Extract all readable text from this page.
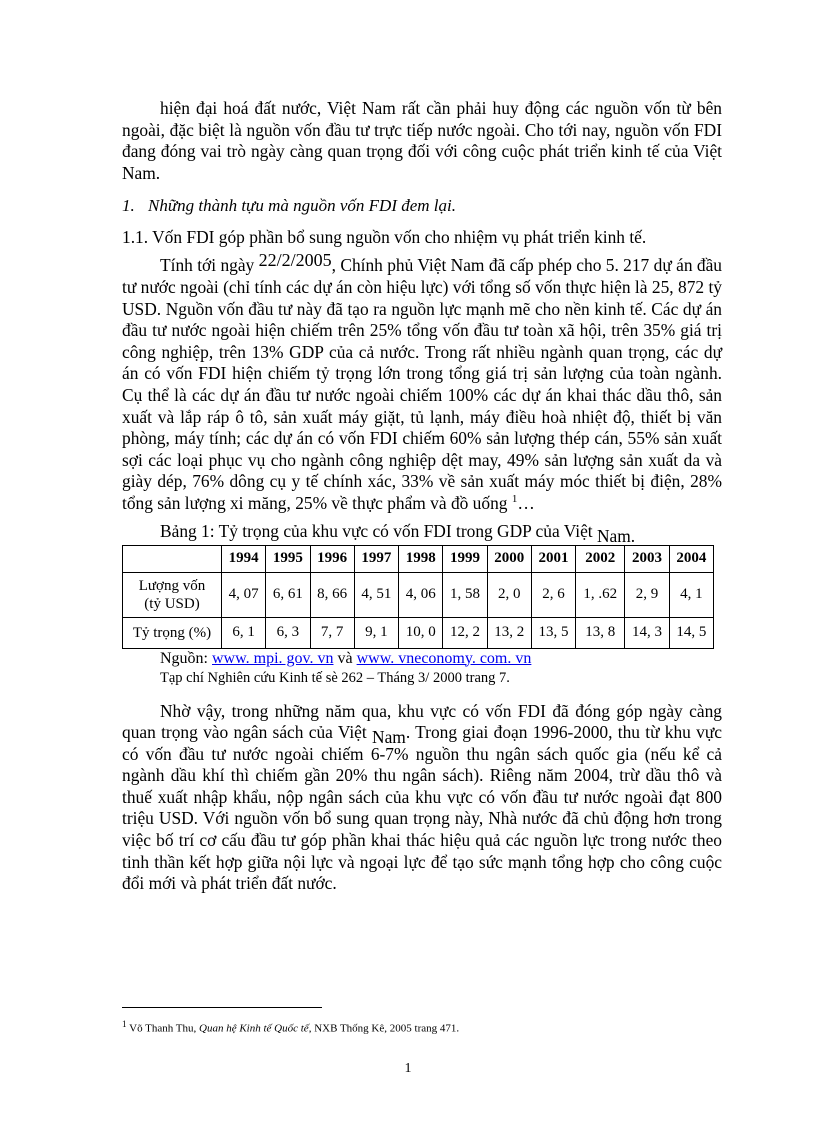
hiện đại hoá đất nước, Việt Nam rất cần phải huy động các nguồn vốn từ bên ngoài, đặc biệt là nguồn vốn đầu tư trực tiếp nước ngoài. Cho tới nay, nguồn vốn FDI đang đóng vai trò ngày càng quan trọng đối với công cuộc phát triển kinh tế của Việt Nam.

1. Những thành tựu mà nguồn vốn FDI đem lại.

1.1. Vốn FDI góp phần bổ sung nguồn vốn cho nhiệm vụ phát triển kinh tế.

Tính tới ngày 22/2/2005, Chính phủ Việt Nam đã cấp phép cho 5. 217 dự án đầu tư nước ngoài (chỉ tính các dự án còn hiệu lực) với tổng số vốn thực hiện là 25, 872 tỷ USD. Nguồn vốn đầu tư này đã tạo ra nguồn lực mạnh mẽ cho nền kinh tế. Các dự án đầu tư nước ngoài hiện chiếm trên 25% tổng vốn đầu tư toàn xã hội, trên 35% giá trị công nghiệp, trên 13% GDP của cả nước. Trong rất nhiều ngành quan trọng, các dự án có vốn FDI hiện chiếm tỷ trọng lớn trong tổng giá trị sản lượng của toàn ngành. Cụ thể là các dự án đầu tư nước ngoài chiếm 100% các dự án khai thác dầu thô, sản xuất và lắp ráp ô tô, sản xuất máy giặt, tủ lạnh, máy điều hoà nhiệt độ, thiết bị văn phòng, máy tính; các dự án có vốn FDI chiếm 60% sản lượng thép cán, 55% sản xuất sợi các loại phục vụ cho ngành công nghiệp dệt may, 49% sản lượng sản xuất da và giày dép, 76% dông cụ y tế chính xác, 33% về sản xuất máy móc thiết bị điện, 28% tổng sản lượng xi măng, 25% về thực phẩm và đồ uống $^1$…

Bảng 1: Tỷ trọng của khu vực có vốn FDI trong GDP của Việt Nam.

	1994	1995	1996	1997	1998	1999	2000	2001	2002	2003	2004
Lượng vốn
(tỷ USD)	4, 07	6, 61	8, 66	4, 51	4, 06	1, 58	2, 0	2, 6	1, .62	2, 9	4, 1
Tỷ trọng (%)	6, 1	6, 3	7, 7	9, 1	10, 0	12, 2	13, 2	13, 5	13, 8	14, 3	14, 5
Nguồn: www. mpi. gov. vn và www. vneconomy. com. vn
Tạp chí Nghiên cứu Kinh tế sè 262 – Tháng 3/ 2000 trang 7.

Nhờ vậy, trong những năm qua, khu vực có vốn FDI đã đóng góp ngày càng quan trọng vào ngân sách của Việt Nam. Trong giai đoạn 1996-2000, thu từ khu vực có vốn đầu tư nước ngoài chiếm 6-7% nguồn thu ngân sách quốc gia (nếu kể cả ngành dầu khí thì chiếm gần 20% thu ngân sách). Riêng năm 2004, trừ dầu thô và thuế xuất nhập khẩu, nộp ngân sách của khu vực có vốn đầu tư nước ngoài đạt 800 triệu USD. Với nguồn vốn bổ sung quan trọng này, Nhà nước đã chủ động hơn trong việc bố trí cơ cấu đầu tư góp phần khai thác hiệu quả các nguồn lực trong nước theo tinh thần kết hợp giữa nội lực và ngoại lực để tạo sức mạnh tổng hợp cho công cuộc đổi mới và phát triển đất nước.

$^1$ Võ Thanh Thu, Quan hệ Kinh tế Quốc tế, NXB Thống Kê, 2005 trang 471.
1
